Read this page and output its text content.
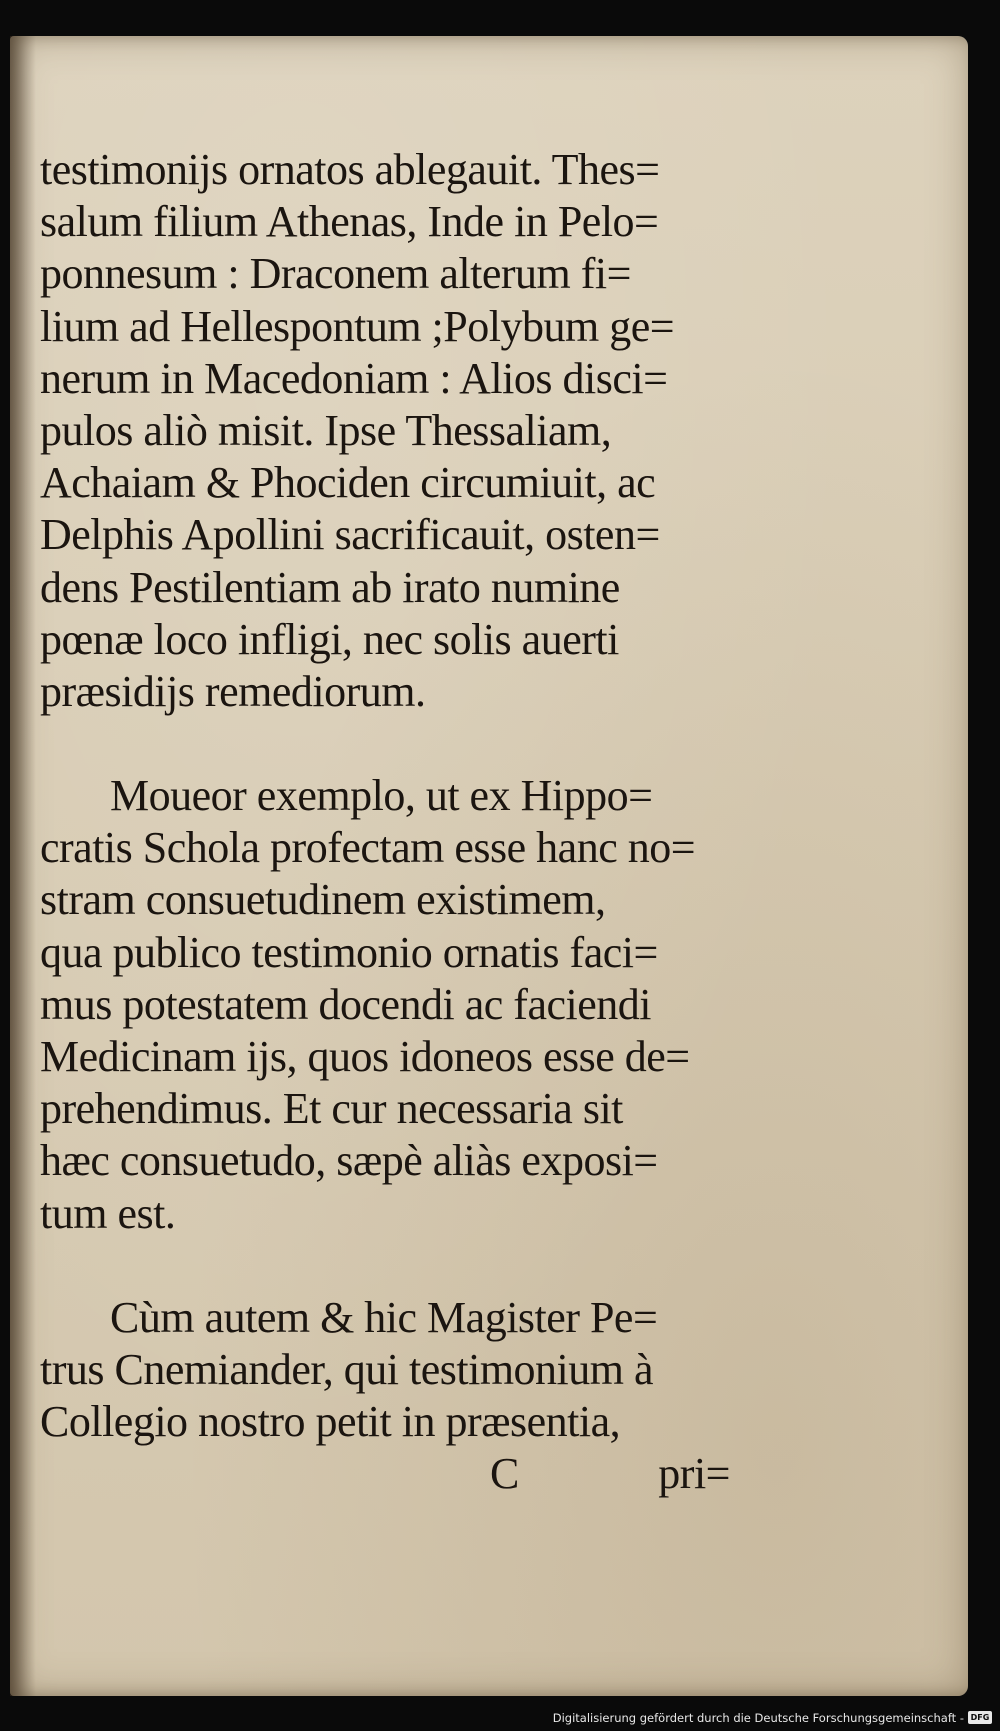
testimonijs ornatos ablegauit. Thes=
salum filium Athenas, Inde in Pelo=
ponnesum : Draconem alterum fi=
lium ad Hellespontum ;Polybum ge=
nerum in Macedoniam : Alios disci=
pulos aliò misit. Ipse Thessaliam,
Achaiam & Phociden circumiuit, ac
Delphis Apollini sacrificauit, osten=
dens Pestilentiam ab irato numine
pœnæ loco infligi, nec solis auerti
præsidijs remediorum.
Moueor exemplo, ut ex Hippo=
cratis Schola profectam esse hanc no=
stram consuetudinem existimem,
qua publico testimonio ornatis faci=
mus potestatem docendi ac faciendi
Medicinam ijs, quos idoneos esse de=
prehendimus. Et cur necessaria sit
hæc consuetudo, sæpè aliàs exposi=
tum est.
Cùm autem & hic Magister Pe=
trus Cnemiander, qui testimonium à
Collegio nostro petit in præsentia,
C	pri=
Digitalisierung gefördert durch die Deutsche Forschungsgemeinschaft - DFG
